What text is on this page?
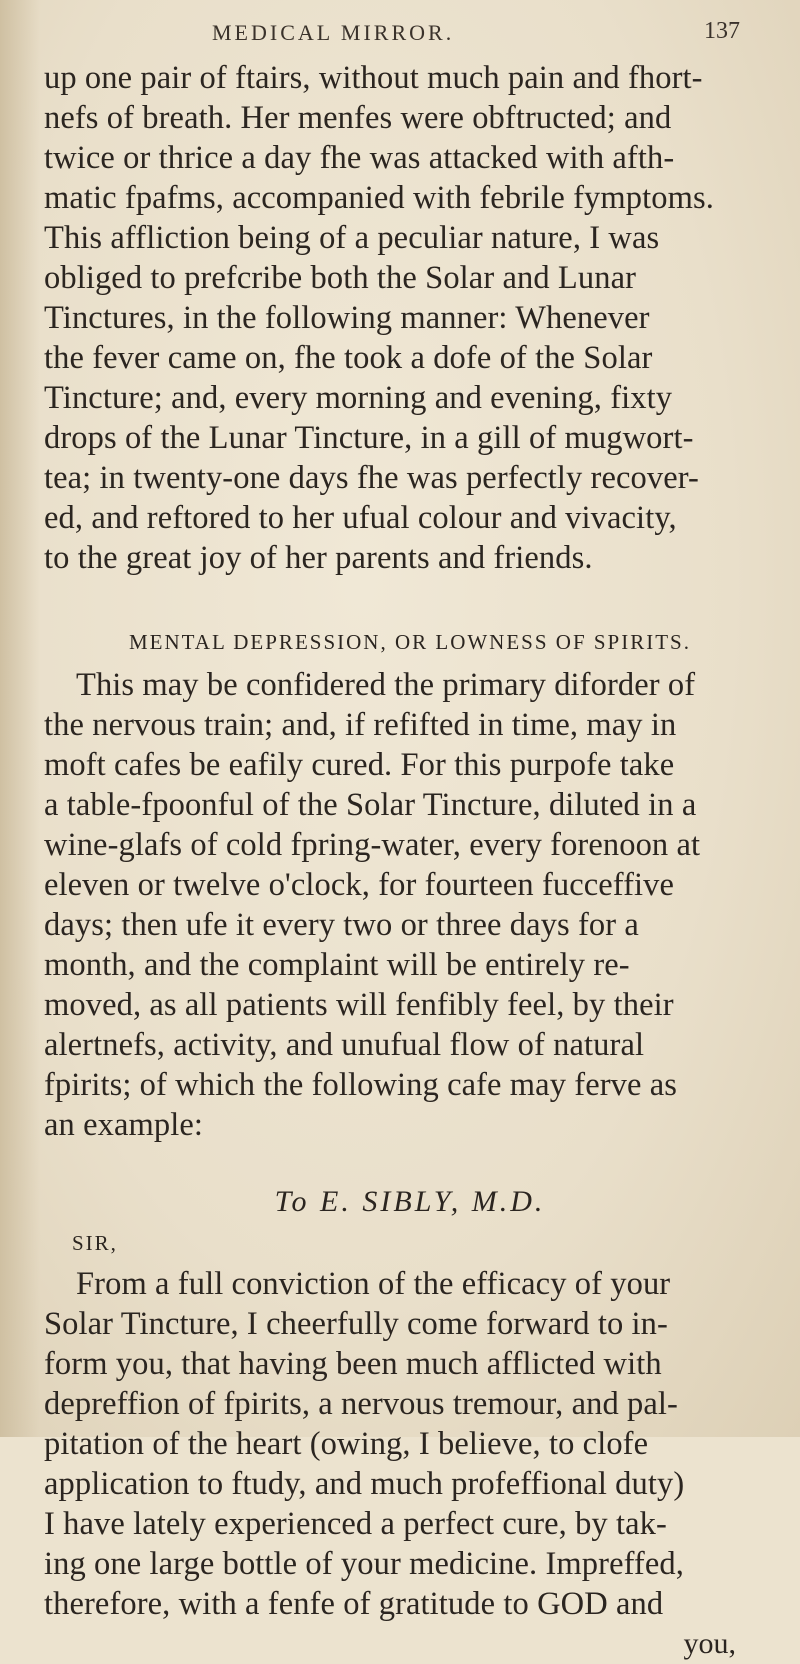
MEDICAL MIRROR.	137
up one pair of ftairs, without much pain and fhort-
nefs of breath. Her menfes were obftructed; and
twice or thrice a day fhe was attacked with afth-
matic fpafms, accompanied with febrile fymptoms.
This affliction being of a peculiar nature, I was
obliged to prefcribe both the Solar and Lunar
Tinctures, in the following manner: Whenever
the fever came on, fhe took a dofe of the Solar
Tincture; and, every morning and evening, fixty
drops of the Lunar Tincture, in a gill of mugwort-
tea; in twenty-one days fhe was perfectly recover-
ed, and reftored to her ufual colour and vivacity,
to the great joy of her parents and friends.
MENTAL DEPRESSION, OR LOWNESS OF SPIRITS.
This may be confidered the primary diforder of
the nervous train; and, if refifted in time, may in
moft cafes be eafily cured. For this purpofe take
a table-fpoonful of the Solar Tincture, diluted in a
wine-glafs of cold fpring-water, every forenoon at
eleven or twelve o'clock, for fourteen fucceffive
days; then ufe it every two or three days for a
month, and the complaint will be entirely re-
moved, as all patients will fenfibly feel, by their
alertnefs, activity, and unufual flow of natural
fpirits; of which the following cafe may ferve as
an example:
To E. SIBLY, M.D.
SIR,
From a full conviction of the efficacy of your
Solar Tincture, I cheerfully come forward to in-
form you, that having been much afflicted with
depreffion of fpirits, a nervous tremour, and pal-
pitation of the heart (owing, I believe, to clofe
application to ftudy, and much profeffional duty)
I have lately experienced a perfect cure, by tak-
ing one large bottle of your medicine. Impreffed,
therefore, with a fenfe of gratitude to GOD and
you,
